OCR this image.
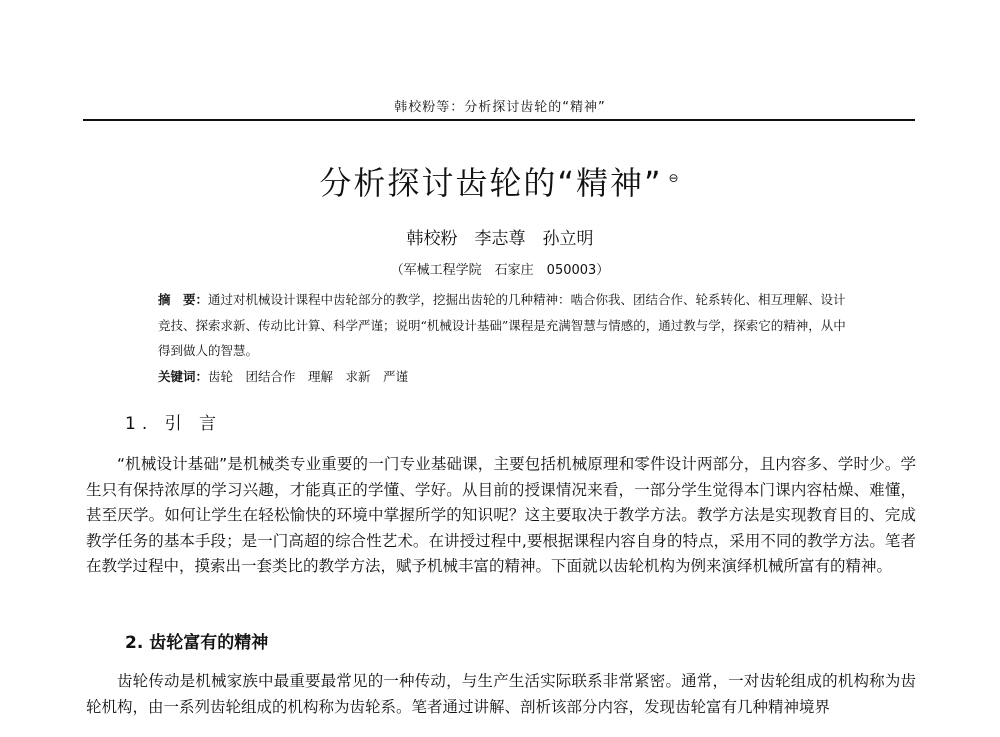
韩校粉等：分析探讨齿轮的“精神”
分析探讨齿轮的“精神” ⊖
韩校粉　李志尊　孙立明
（军械工程学院　石家庄　050003）
摘　要：通过对机械设计课程中齿轮部分的教学，挖掘出齿轮的几种精神：啮合你我、团结合作、轮系转化、相互理解、设计竞技、探索求新、传动比计算、科学严谨；说明“机械设计基础”课程是充满智慧与情感的，通过教与学，探索它的精神，从中得到做人的智慧。
关键词：齿轮　团结合作　理解　求新　严谨
1. 引 言
“机械设计基础”是机械类专业重要的一门专业基础课，主要包括机械原理和零件设计两部分，且内容多、学时少。学生只有保持浓厚的学习兴趣，才能真正的学懂、学好。从目前的授课情况来看，一部分学生觉得本门课内容枯燥、难懂，甚至厌学。如何让学生在轻松愉快的环境中掌握所学的知识呢？这主要取决于教学方法。教学方法是实现教育目的、完成教学任务的基本手段；是一门高超的综合性艺术。在讲授过程中,要根据课程内容自身的特点，采用不同的教学方法。笔者在教学过程中，摸索出一套类比的教学方法，赋予机械丰富的精神。下面就以齿轮机构为例来演绎机械所富有的精神。
2. 齿轮富有的精神
齿轮传动是机械家族中最重要最常见的一种传动，与生产生活实际联系非常紧密。通常，一对齿轮组成的机构称为齿轮机构，由一系列齿轮组成的机构称为齿轮系。笔者通过讲解、剖析该部分内容，发现齿轮富有几种精神境界
